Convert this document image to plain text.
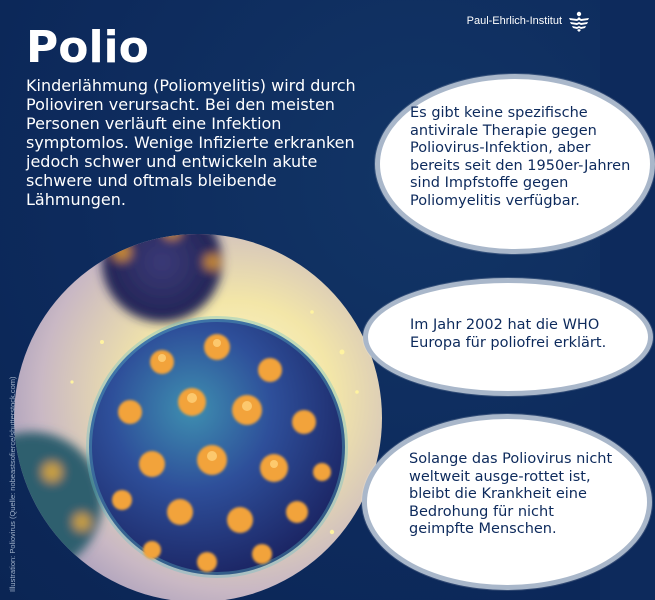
Paul-Ehrlich-Institut
Polio

Kinderlähmung (Poliomyelitis) wird durch Polioviren verursacht. Bei den meisten Personen verläuft eine Infektion symptomlos. Wenige Infizierte erkranken jedoch schwer und entwickeln akute schwere und oftmals bleibende Lähmungen.

Illustration: Poliovirus (Quelle: nobeastsofierce/shutterstock.com)

Es gibt keine spezifische antivirale Therapie gegen Poliovirus-Infektion, aber bereits seit den 1950er-Jahren sind Impfstoffe gegen Poliomyelitis verfügbar.

Im Jahr 2002 hat die WHO Europa für poliofrei erklärt.

Solange das Poliovirus nicht weltweit ausge-rottet ist, bleibt die Krankheit eine Bedrohung für nicht geimpfte Menschen.
